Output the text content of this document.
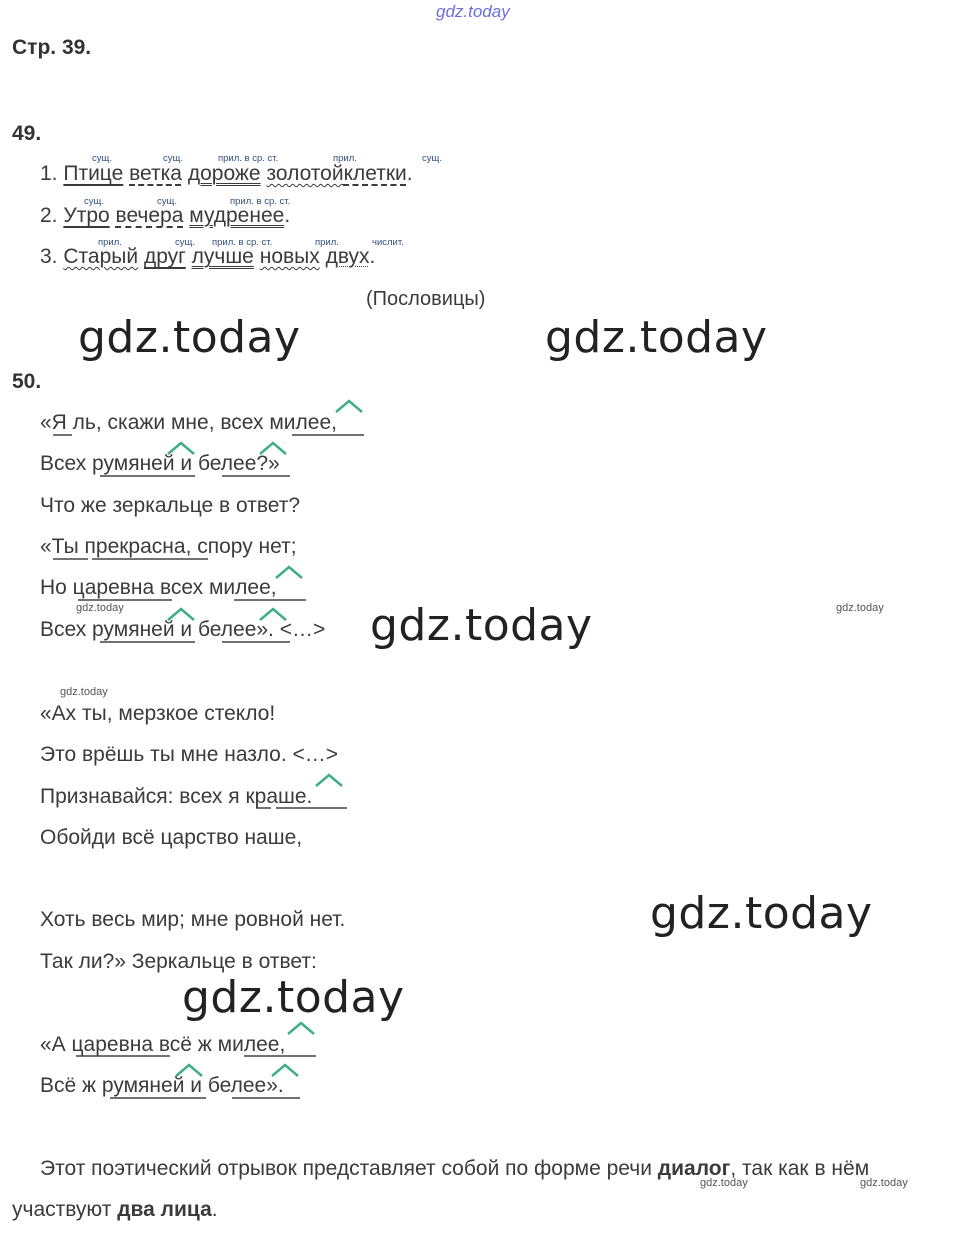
gdz.today
Стр. 39.
49.
сущ.	сущ.	прил. в ср. ст.	прил.	сущ.
1. Птице ветка дороже золотойклетки.
сущ.	сущ.	прил. в ср. ст.
2. Утро вечера мудренее.
прил.	сущ. прил. в ср. ст.	прил.	числит.
3. Старый друг лучше новых двух.
(Пословицы)
gdz.today	gdz.today
50.
«Я ль, скажи мне, всех милее,
Всех румяней и белее?»
Что же зеркальце в ответ?
«Ты прекрасна, спору нет;
Но царевна всех милее,
Всех румяней и белее». <…> gdz.today
gdz.today	gdz.today
gdz.today
«Ах ты, мерзкое стекло!
Это врёшь ты мне назло. <…>
Признавайся: всех я краше.
Обойди всё царство наше,
Хоть весь мир; мне ровной нет.
Так ли?» Зеркальце в ответ:
gdz.today
gdz.today
«А царевна всё ж милее,
Всё ж румяней и белее».
Этот поэтический отрывок представляет собой по форме речи диалог, так как в нём участвуют два лица.
gdz.today	gdz.today
